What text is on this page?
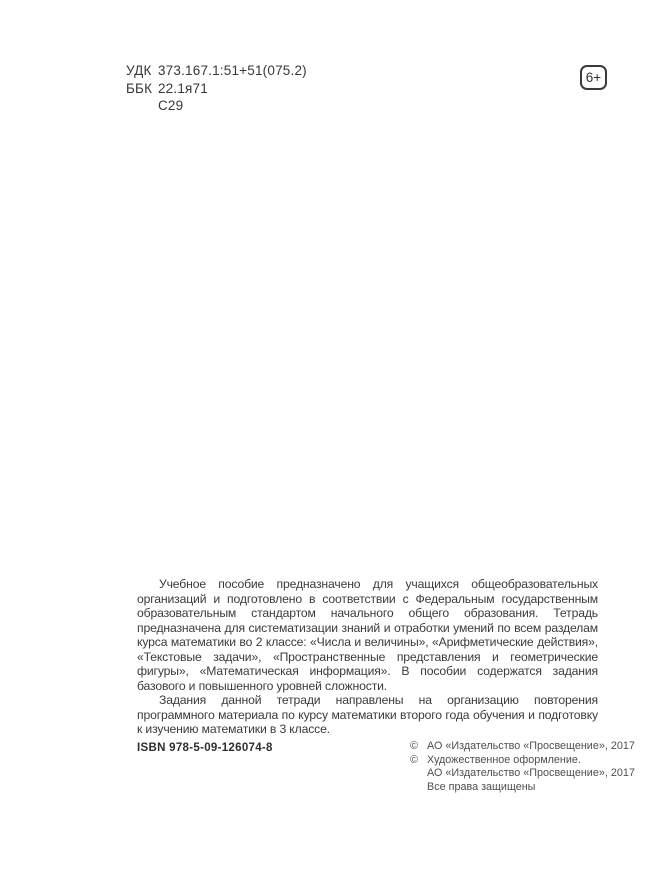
УДК 373.167.1:51+51(075.2)
ББК 22.1я71
С29
6+

Учебное пособие предназначено для учащихся общеобразовательных организаций и подготовлено в соответствии с Федеральным государственным образовательным стандартом начального общего образования. Тетрадь предназначена для систематизации знаний и отработки умений по всем разделам курса математики во 2 классе: «Числа и величины», «Арифметические действия», «Текстовые задачи», «Пространственные представления и геометрические фигуры», «Математическая информация». В пособии содержатся задания базового и повышенного уровней сложности.

Задания данной тетради направлены на организацию повторения программного материала по курсу математики второго года обучения и подготовку к изучению математики в 3 классе.

ISBN 978-5-09-126074-8	© АО «Издательство «Просвещение», 2017
© Художественное оформление.
АО «Издательство «Просвещение», 2017
Все права защищены
